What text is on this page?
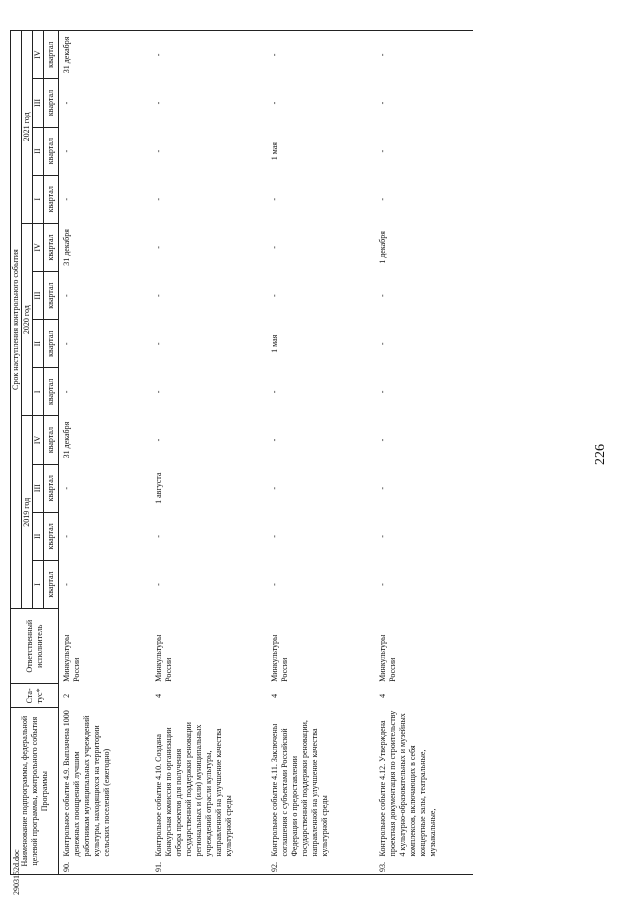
226
Наименование подпрограммы, федеральной целевой программы, контрольного события Программы		Ста-тус*	Ответственный исполнитель	Срок наступления контрольного события											
				2019 год				2020 год				2021 год			
				I	II	III	IV	I	II	III	IV	I	II	III	IV
				квартал	квартал	квартал	квартал	квартал	квартал	квартал	квартал	квартал	квартал	квартал	квартал
90.	Контрольное событие 4.9. Выплачена 1000 денежных поощрений лучшим работникам муниципальных учреждений культуры, находящихся на территории сельских поселений (ежегодно)	2	Минкультуры России	-	-	-	31 декабря	-	-	-	31 декабря	-	-	-	31 декабря
91.	Контрольное событие 4.10. Создана Конкурсная комиссия по организации отбора проектов для получения государственной поддержки реновации региональных и (или) муниципальных учреждений отрасли культуры, направленной на улучшение качества культурной среды	4	Минкультуры России	-	-	1 августа	-	-	-	-	-	-	-	-	-
92.	Контрольное событие 4.11. Заключены соглашения с субъектами Российской Федерации о предоставлении государственной поддержки реновации, направленной на улучшение качества культурной среды	4	Минкультуры России	-	-	-	-	-	1 мая	-	-	-	1 мая	-	-
93.	Контрольное событие 4.12. Утверждена проектная документация по строительству 4 культурно-образовательных и музейных комплексов, включающих в себя концертные залы, театральные, музыкальные,	4	Минкультуры России	-	-	-	-	-	-	-	1 декабря	-	-	-	-
2903152d.doc
